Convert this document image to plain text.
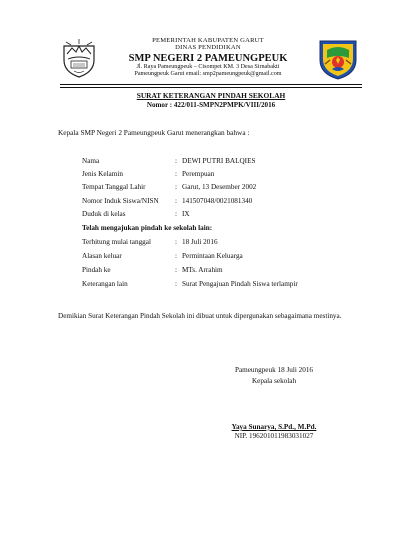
PEMERINTAH KABUPATEN GARUT
DINAS PENDIDIKAN
SMP NEGERI 2 PAMEUNGPEUK
Jl. Raya Pameungpeuk – Cisompet KM. 3 Desa Sirnabakti
Pameungpeuk Garut email: smp2pameungpeuk@gmail.com
SURAT KETERANGAN PINDAH SEKOLAH
Nomor : 422/011-SMPN2PMPK/VIII/2016
Kepala SMP Negeri 2 Pameungpeuk Garut menerangkan bahwa :
Nama	: DEWI PUTRI BALQIES
Jenis Kelamin	: Perempuan
Tempat Tanggal Lahir	: Garut, 13 Desember 2002
Nomor Induk Siswa/NISN : 141507048/0021081340
Duduk di kelas	: IX
Telah mengajukan pindah ke sekolah lain:
Terhitung mulai tanggal	: 18 Juli 2016
Alasan keluar	: Permintaan Keluarga
Pindah ke	: MTs. Arrahim
Keterangan lain	: Surat Pengajuan Pindah Siswa terlampir
Demikian Surat Keterangan Pindah Sekolah ini dibuat untuk dipergunakan sebagaimana mestinya.
Pameungpeuk 18 Juli 2016
Kepala sekolah
Yaya Sunarya, S.Pd., M.Pd.
NIP. 196201011983031027
